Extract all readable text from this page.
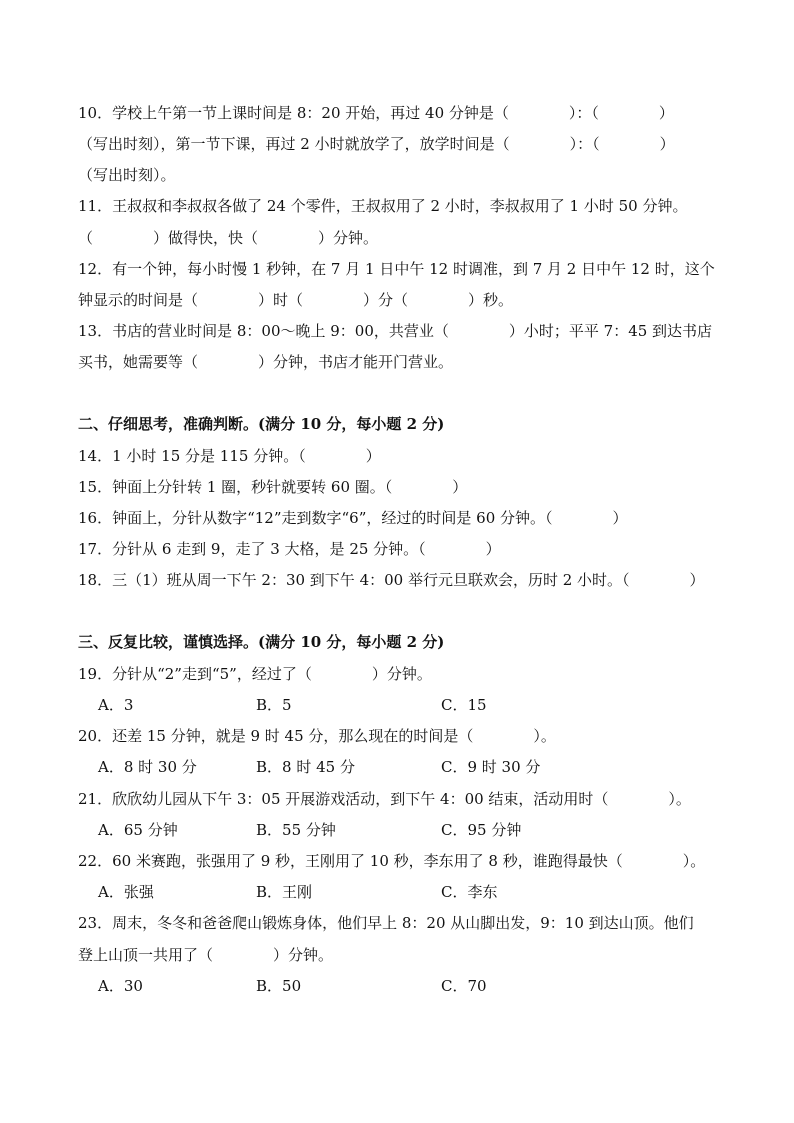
10．学校上午第一节上课时间是 8：20 开始，再过 40 分钟是（　　　　）：（　　　　）
（写出时刻），第一节下课，再过 2 小时就放学了，放学时间是（　　　　）：（　　　　）
（写出时刻）。
11．王叔叔和李叔叔各做了 24 个零件，王叔叔用了 2 小时，李叔叔用了 1 小时 50 分钟。
（　　　　）做得快，快（　　　　）分钟。
12．有一个钟，每小时慢 1 秒钟，在 7 月 1 日中午 12 时调准，到 7 月 2 日中午 12 时，这个
钟显示的时间是（　　　　）时（　　　　）分（　　　　）秒。
13．书店的营业时间是 8：00～晚上 9：00，共营业（　　　　）小时；平平 7：45 到达书店
买书，她需要等（　　　　）分钟，书店才能开门营业。
二、仔细思考，准确判断。(满分 10 分，每小题 2 分)
14．1 小时 15 分是 115 分钟。（　　　　）
15．钟面上分针转 1 圈，秒针就要转 60 圈。（　　　　）
16．钟面上，分针从数字“12”走到数字“6”，经过的时间是 60 分钟。（　　　　）
17．分针从 6 走到 9，走了 3 大格，是 25 分钟。（　　　　）
18．三（1）班从周一下午 2：30 到下午 4：00 举行元旦联欢会，历时 2 小时。（　　　　）
三、反复比较，谨慎选择。(满分 10 分，每小题 2 分)
19．分针从“2”走到“5”，经过了（　　　　）分钟。
A．3	B．5	C．15
20．还差 15 分钟，就是 9 时 45 分，那么现在的时间是（　　　　）。
A．8 时 30 分	B．8 时 45 分	C．9 时 30 分
21．欣欣幼儿园从下午 3：05 开展游戏活动，到下午 4：00 结束，活动用时（　　　　）。
A．65 分钟	B．55 分钟	C．95 分钟
22．60 米赛跑，张强用了 9 秒，王刚用了 10 秒，李东用了 8 秒，谁跑得最快（　　　　）。
A．张强	B．王刚	C．李东
23．周末，冬冬和爸爸爬山锻炼身体，他们早上 8：20 从山脚出发，9：10 到达山顶。他们
登上山顶一共用了（　　　　）分钟。
A．30	B．50	C．70
